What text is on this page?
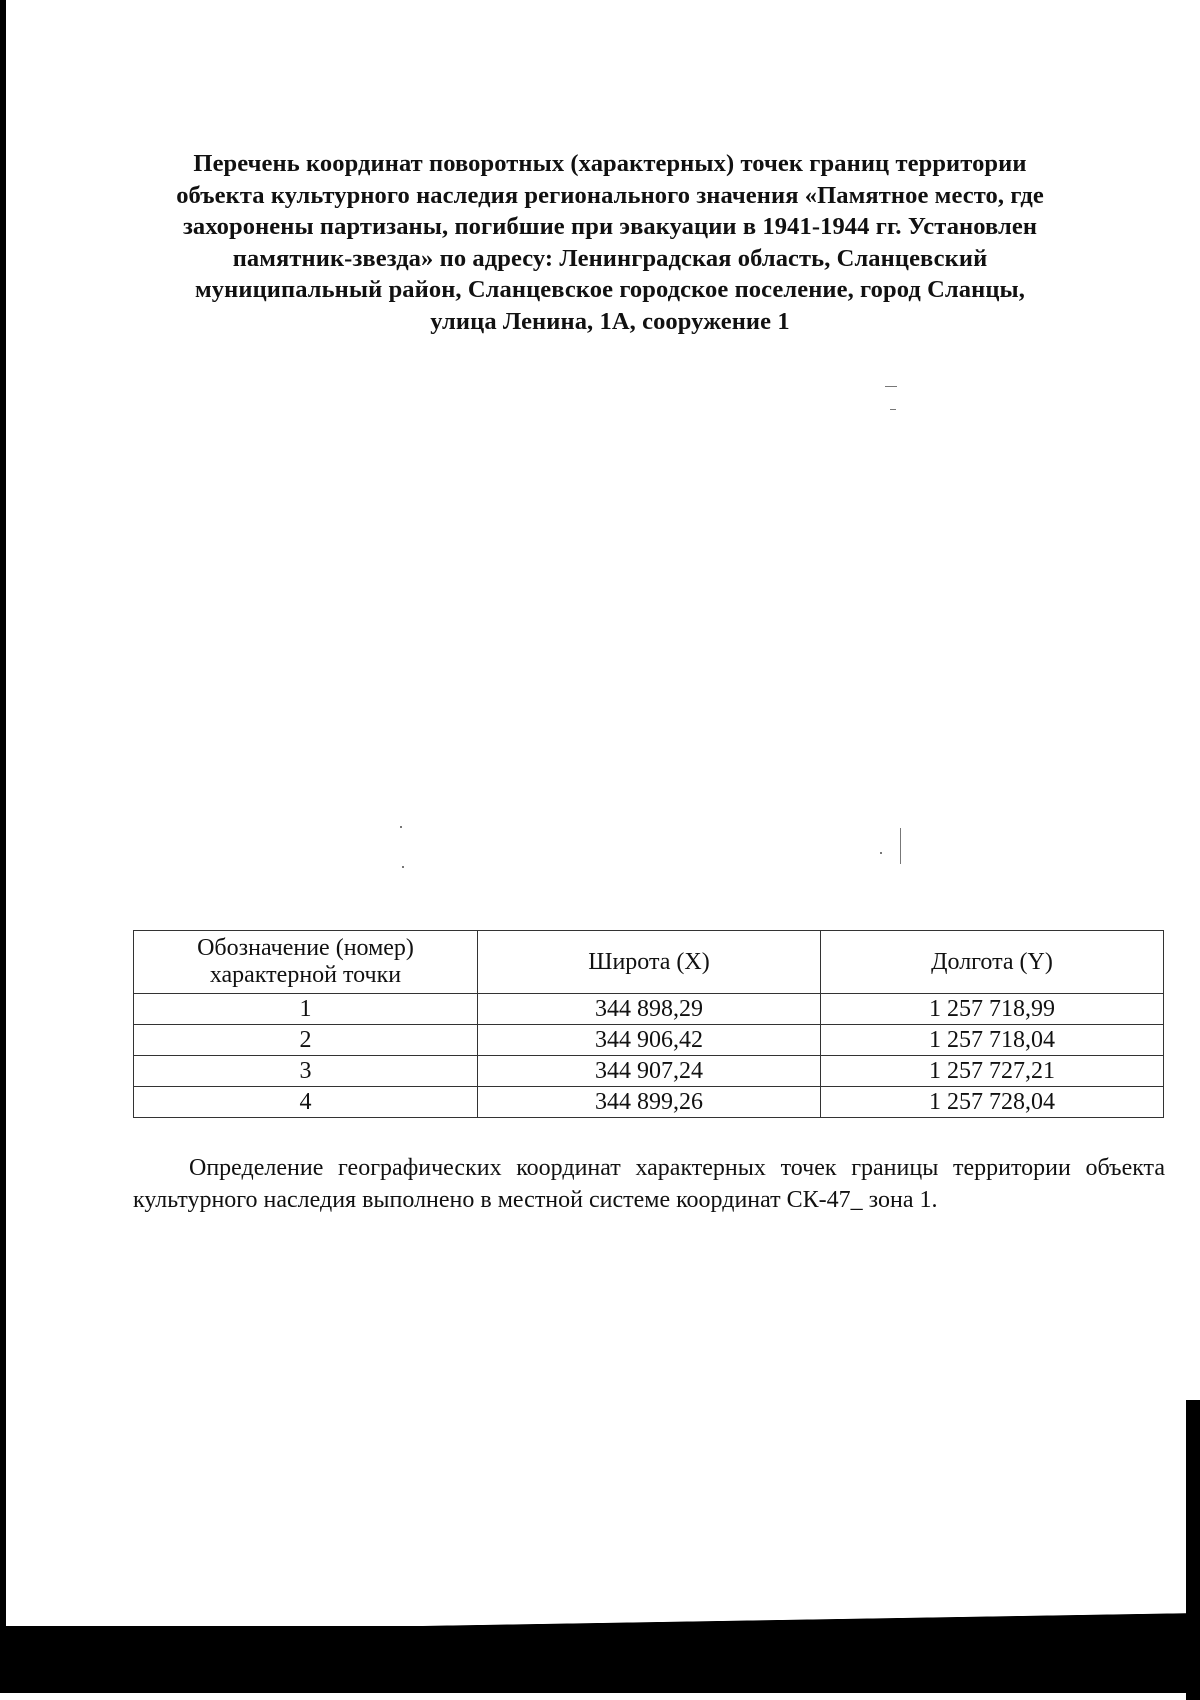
Перечень координат поворотных (характерных) точек границ территории
объекта культурного наследия регионального значения «Памятное место, где
захоронены партизаны, погибшие при эвакуации в 1941-1944 гг. Установлен
памятник-звезда» по адресу: Ленинградская область, Сланцевский
муниципальный район, Сланцевское городское поселение, город Сланцы,
улица Ленина, 1А, сооружение 1
Обозначение (номер) характерной точки	Широта (X)	Долгота (Y)
1	344 898,29	1 257 718,99
2	344 906,42	1 257 718,04
3	344 907,24	1 257 727,21
4	344 899,26	1 257 728,04

Определение географических координат характерных точек границы территории объекта культурного наследия выполнено в местной системе координат СК-47_ зона 1.
